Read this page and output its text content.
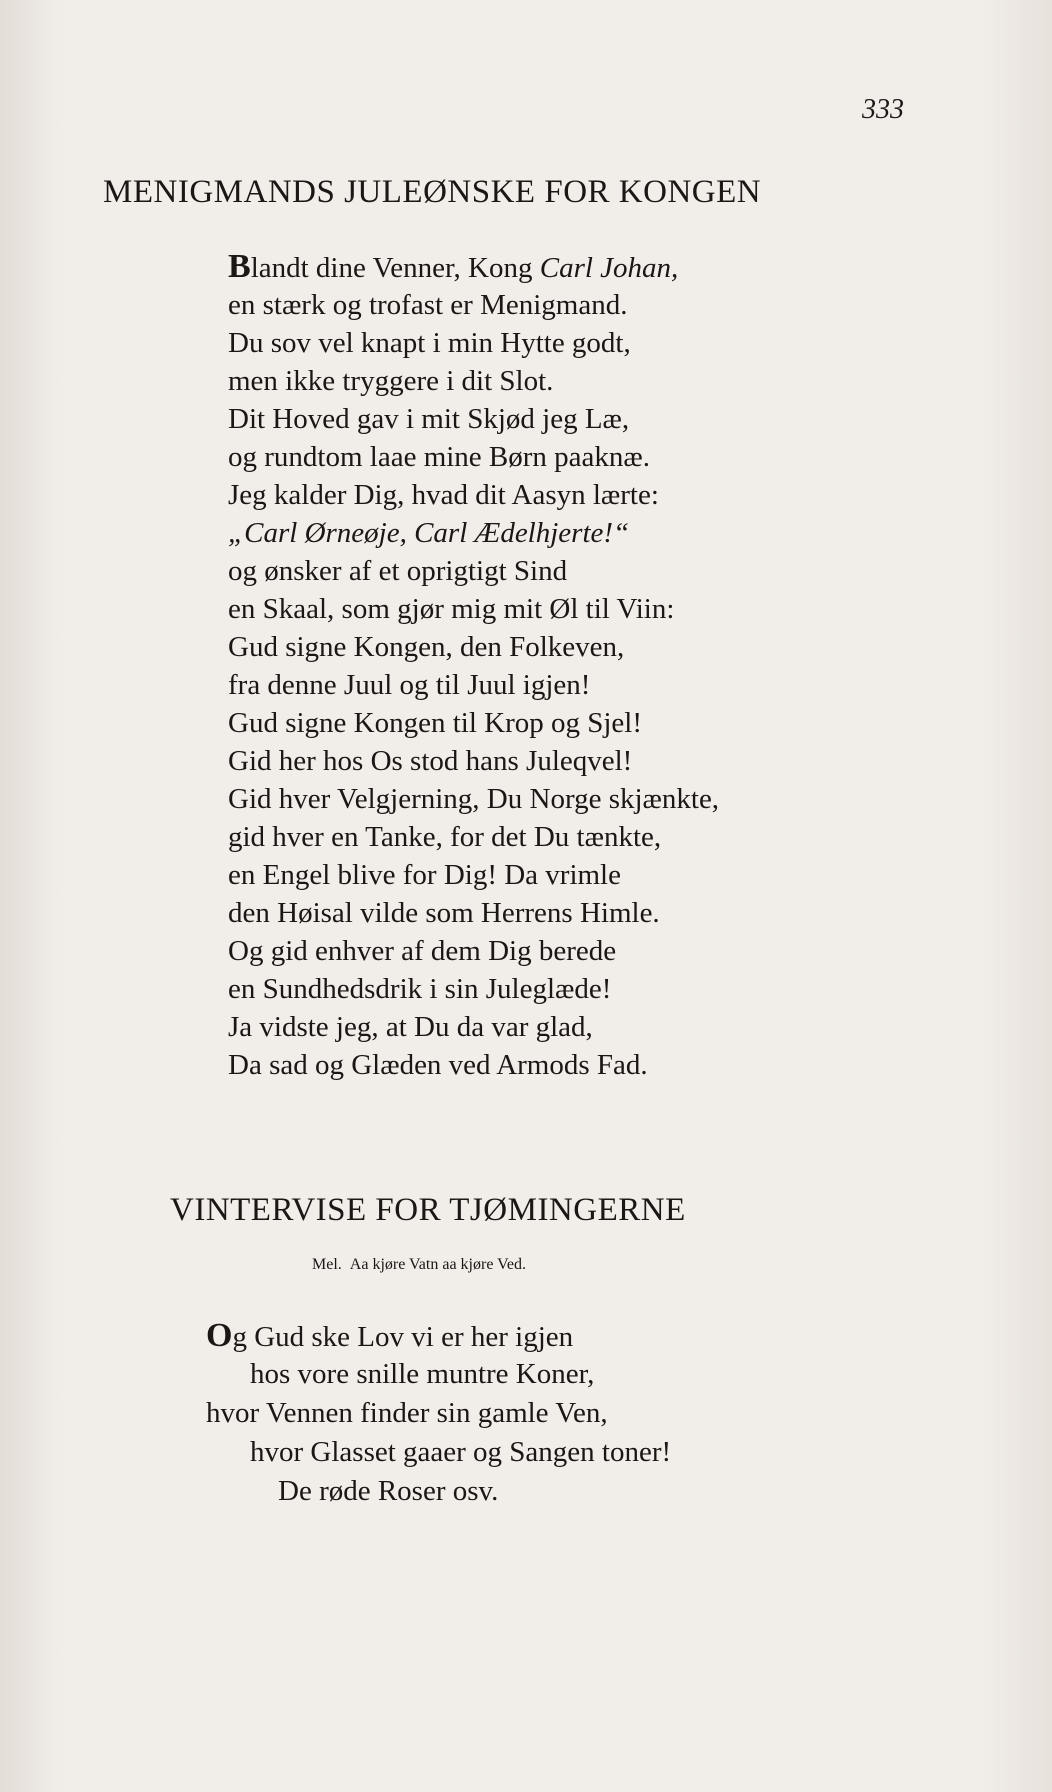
333
MENIGMANDS JULEØNSKE FOR KONGEN
Blandt dine Venner, Kong Carl Johan,
en stærk og trofast er Menigmand.
Du sov vel knapt i min Hytte godt,
men ikke tryggere i dit Slot.
Dit Hoved gav i mit Skjød jeg Læ,
og rundtom laae mine Børn paaknæ.
Jeg kalder Dig, hvad dit Aasyn lærte:
„Carl Ørneøje, Carl Ædelhjerte!“
og ønsker af et oprigtigt Sind
en Skaal, som gjør mig mit Øl til Viin:
Gud signe Kongen, den Folkeven,
fra denne Juul og til Juul igjen!
Gud signe Kongen til Krop og Sjel!
Gid her hos Os stod hans Juleqvel!
Gid hver Velgjerning, Du Norge skjænkte,
gid hver en Tanke, for det Du tænkte,
en Engel blive for Dig! Da vrimle
den Høisal vilde som Herrens Himle.
Og gid enhver af dem Dig berede
en Sundhedsdrik i sin Juleglæde!
Ja vidste jeg, at Du da var glad,
Da sad og Glæden ved Armods Fad.
VINTERVISE FOR TJØMINGERNE
Mel. Aa kjøre Vatn aa kjøre Ved.
Og Gud ske Lov vi er her igjen
hos vore snille muntre Koner,
hvor Vennen finder sin gamle Ven,
hvor Glasset gaaer og Sangen toner!
De røde Roser osv.
